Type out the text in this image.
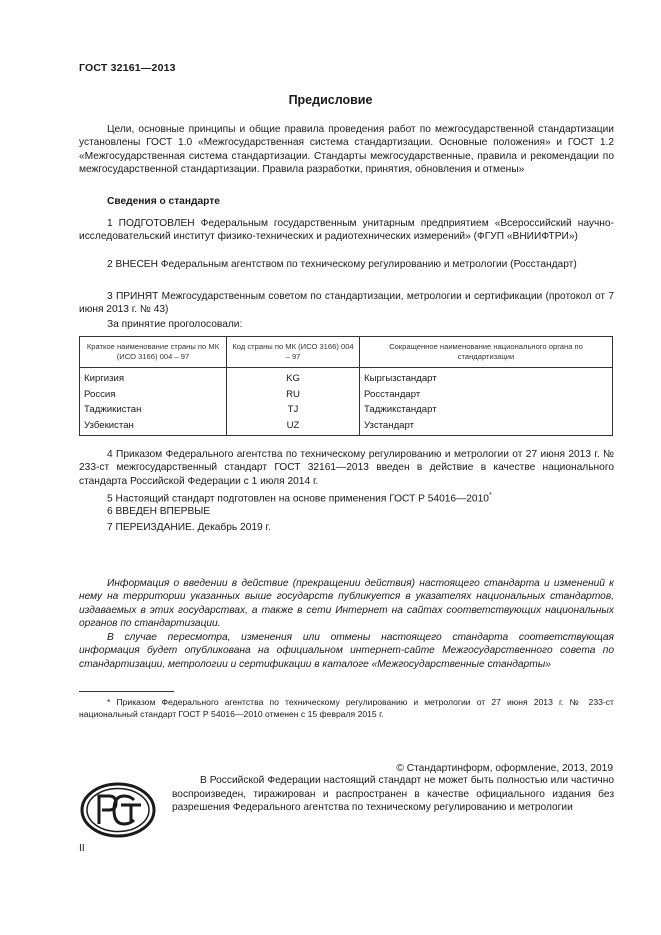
ГОСТ 32161—2013
Предисловие
Цели, основные принципы и общие правила проведения работ по межгосударственной стандартизации установлены ГОСТ 1.0 «Межгосударственная система стандартизации. Основные положения» и ГОСТ 1.2 «Межгосударственная система стандартизации. Стандарты межгосударственные, правила и рекомендации по межгосударственной стандартизации. Правила разработки, принятия, обновления и отмены»
Сведения о стандарте
1 ПОДГОТОВЛЕН Федеральным государственным унитарным предприятием «Всероссийский научно-исследовательский институт физико-технических и радиотехнических измерений» (ФГУП «ВНИИФТРИ»)
2 ВНЕСЕН Федеральным агентством по техническому регулированию и метрологии (Росстандарт)
3 ПРИНЯТ Межгосударственным советом по стандартизации, метрологии и сертификации (протокол от 7 июня 2013 г. № 43)
За принятие проголосовали:
Краткое наименование страны по МК (ИСО 3166) 004 – 97	Код страны по МК (ИСО 3166) 004 – 97	Сокращенное наименование национального органа по стандартизации
Киргизия	KG	Кыргызстандарт
Россия	RU	Росстандарт
Таджикистан	TJ	Таджикстандарт
Узбекистан	UZ	Узстандарт
4 Приказом Федерального агентства по техническому регулированию и метрологии от 27 июня 2013 г. № 233-ст межгосударственный стандарт ГОСТ 32161—2013 введен в действие в качестве национального стандарта Российской Федерации с 1 июля 2014 г.
5 Настоящий стандарт подготовлен на основе применения ГОСТ Р 54016—2010*
6 ВВЕДЕН ВПЕРВЫЕ
7 ПЕРЕИЗДАНИЕ. Декабрь 2019 г.
Информация о введении в действие (прекращении действия) настоящего стандарта и изменений к нему на территории указанных выше государств публикуется в указателях национальных стандартов, издаваемых в этих государствах, а также в сети Интернет на сайтах соответствующих национальных органов по стандартизации.
В случае пересмотра, изменения или отмены настоящего стандарта соответствующая информация будет опубликована на официальном интернет-сайте Межгосударственного совета по стандартизации, метрологии и сертификации в каталоге «Межгосударственные стандарты»
* Приказом Федерального агентства по техническому регулированию и метрологии от 27 июня 2013 г. № 233-ст национальный стандарт ГОСТ Р 54016—2010 отменен с 15 февраля 2015 г.
© Стандартинформ, оформление, 2013, 2019
В Российской Федерации настоящий стандарт не может быть полностью или частично воспроизведен, тиражирован и распространен в качестве официального издания без разрешения Федерального агентства по техническому регулированию и метрологии
II
